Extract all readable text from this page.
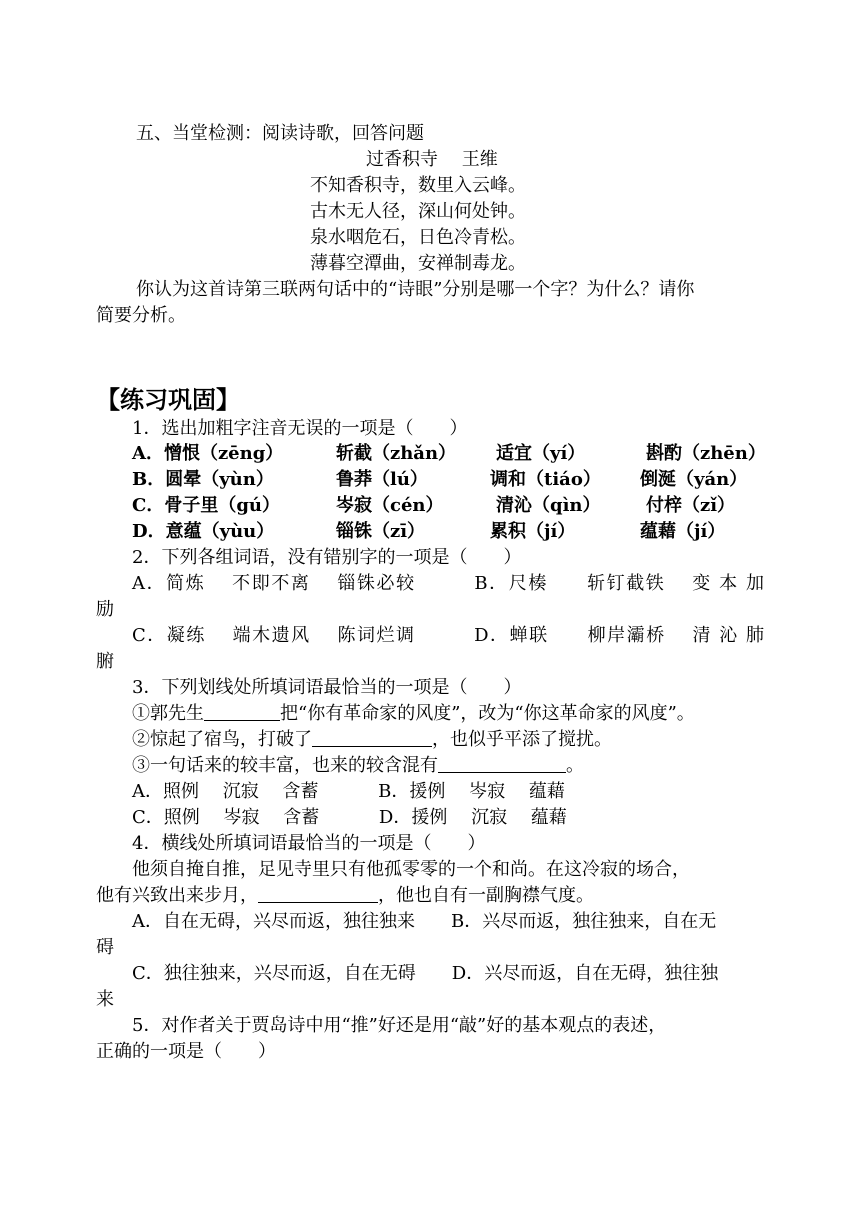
五、当堂检测：阅读诗歌，回答问题
过香积寺　 王维
不知香积寺，数里入云峰。
古木无人径，深山何处钟。
泉水咽危石，日色冷青松。
薄暮空潭曲，安禅制毒龙。
你认为这首诗第三联两句话中的“诗眼”分别是哪一个字？为什么？请你
简要分析。
【练习巩固】
1．选出加粗字注音无误的一项是（　　）
A．憎恨（zēng）	斩截（zhǎn） 适宜（yí）	斟酌（zhēn）
B．圆晕（yùn）	鲁莽（lú）	调和（tiáo） 倒涎（yán）
C．骨子里（gú）	岑寂（cén）	清沁（qìn）	付梓（zǐ）
D．意蕴（yùu）	锱铢（zī）	累积（jí）	蕴藉（jí）
2．下列各组词语，没有错别字的一项是（　　）
A．简炼　 不即不离　 锱铢必较　　　B．尺楱　　斩钉截铁　 变 本 加
励
C．凝练　 端木遗风　 陈词烂调　　　D．蝉联　　柳岸灞桥　 清 沁 肺
腑
3．下列划线处所填词语最恰当的一项是（　　）
①郭先生	把“你有革命家的风度”，改为“你这革命家的风度”。
②惊起了宿鸟，打破了	，也似乎平添了搅扰。
③一句话来的较丰富，也来的较含混有	。
A．照例　 沉寂　 含蓄　　　 B．援例　 岑寂　 蕴藉
C．照例　 岑寂　 含蓄　　　 D．援例　 沉寂　 蕴藉
4．横线处所填词语最恰当的一项是（　　）
他须自掩自推，足见寺里只有他孤零零的一个和尚。在这冷寂的场合，
他有兴致出来步月，	，他也自有一副胸襟气度。
A．自在无碍，兴尽而返，独往独来　　B．兴尽而返，独往独来，自在无
碍
C．独往独来，兴尽而返，自在无碍　　D．兴尽而返，自在无碍，独往独
来
5．对作者关于贾岛诗中用“推”好还是用“敲”好的基本观点的表述，
正确的一项是（　　）
